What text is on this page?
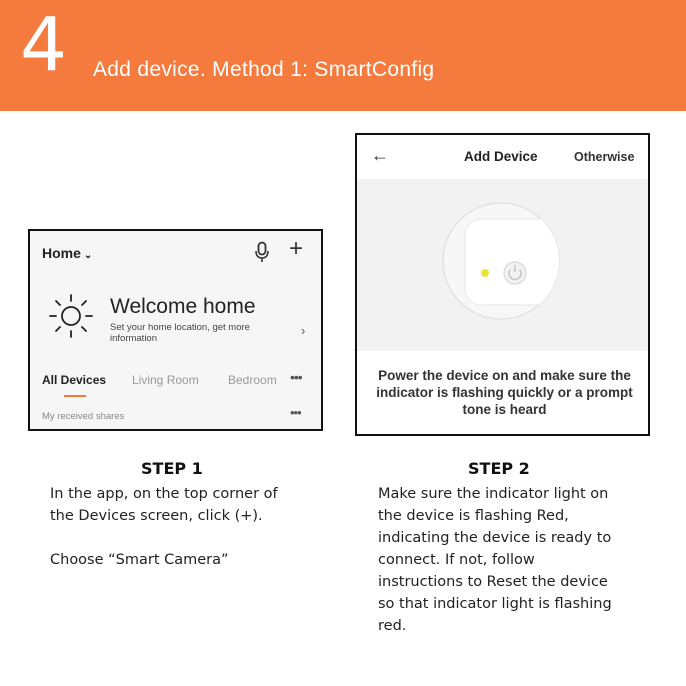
4 Add device. Method 1: SmartConfig
Home ⌄	+
Welcome home
Set your home location, get more information
›
All Devices Living Room Bedroom •••
My received shares	•••
←	Add Device	Otherwise
Power the device on and make sure the indicator is flashing quickly or a prompt tone is heard
STEP 1
In the app, on the top corner of the Devices screen, click (+).
Choose “Smart Camera”
STEP 2
Make sure the indicator light on the device is flashing Red, indicating the device is ready to connect. If not, follow instructions to Reset the device so that indicator light is flashing red.
